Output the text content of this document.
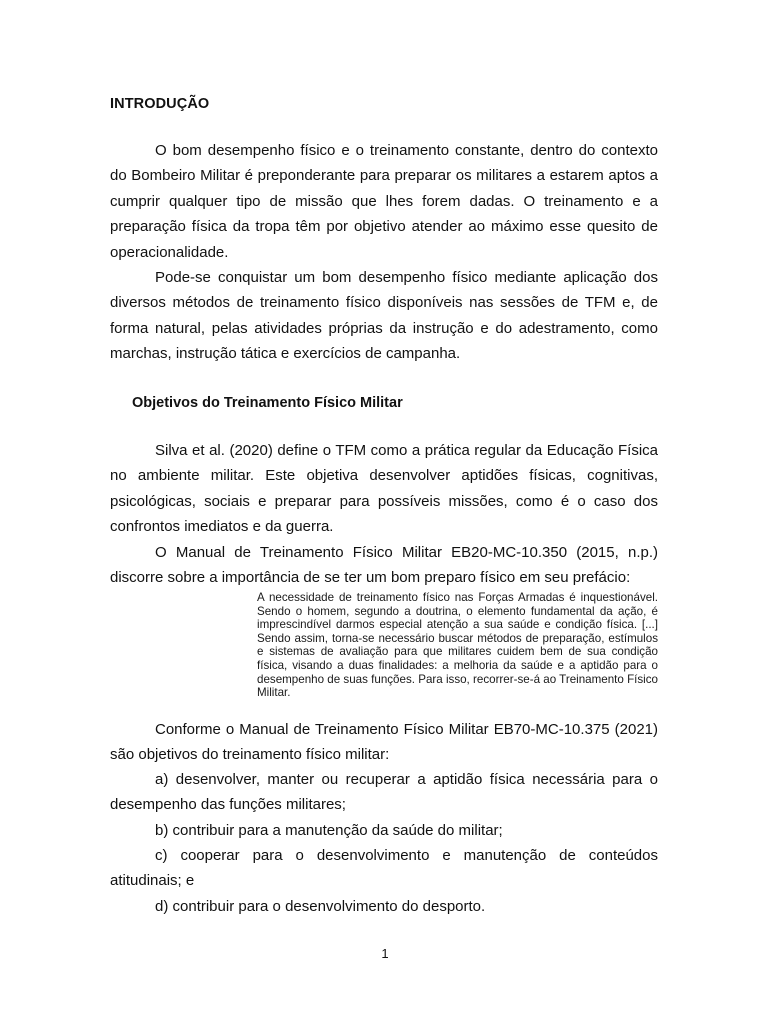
INTRODUÇÃO

O bom desempenho físico e o treinamento constante, dentro do contexto do Bombeiro Militar é preponderante para preparar os militares a estarem aptos a cumprir qualquer tipo de missão que lhes forem dadas. O treinamento e a preparação física da tropa têm por objetivo atender ao máximo esse quesito de operacionalidade.

Pode-se conquistar um bom desempenho físico mediante aplicação dos diversos métodos de treinamento físico disponíveis nas sessões de TFM e, de forma natural, pelas atividades próprias da instrução e do adestramento, como marchas, instrução tática e exercícios de campanha.

Objetivos do Treinamento Físico Militar

Silva et al. (2020) define o TFM como a prática regular da Educação Física no ambiente militar. Este objetiva desenvolver aptidões físicas, cognitivas, psicológicas, sociais e preparar para possíveis missões, como é o caso dos confrontos imediatos e da guerra.

O Manual de Treinamento Físico Militar EB20-MC-10.350 (2015, n.p.) discorre sobre a importância de se ter um bom preparo físico em seu prefácio:

A necessidade de treinamento físico nas Forças Armadas é inquestionável. Sendo o homem, segundo a doutrina, o elemento fundamental da ação, é imprescindível darmos especial atenção a sua saúde e condição física. [...] Sendo assim, torna-se necessário buscar métodos de preparação, estímulos e sistemas de avaliação para que militares cuidem bem de sua condição física, visando a duas finalidades: a melhoria da saúde e a aptidão para o desempenho de suas funções. Para isso, recorrer-se-á ao Treinamento Físico Militar.

Conforme o Manual de Treinamento Físico Militar EB70-MC-10.375 (2021) são objetivos do treinamento físico militar:

a) desenvolver, manter ou recuperar a aptidão física necessária para o desempenho das funções militares;

b) contribuir para a manutenção da saúde do militar;

c) cooperar para o desenvolvimento e manutenção de conteúdos atitudinais; e

d) contribuir para o desenvolvimento do desporto.

1
